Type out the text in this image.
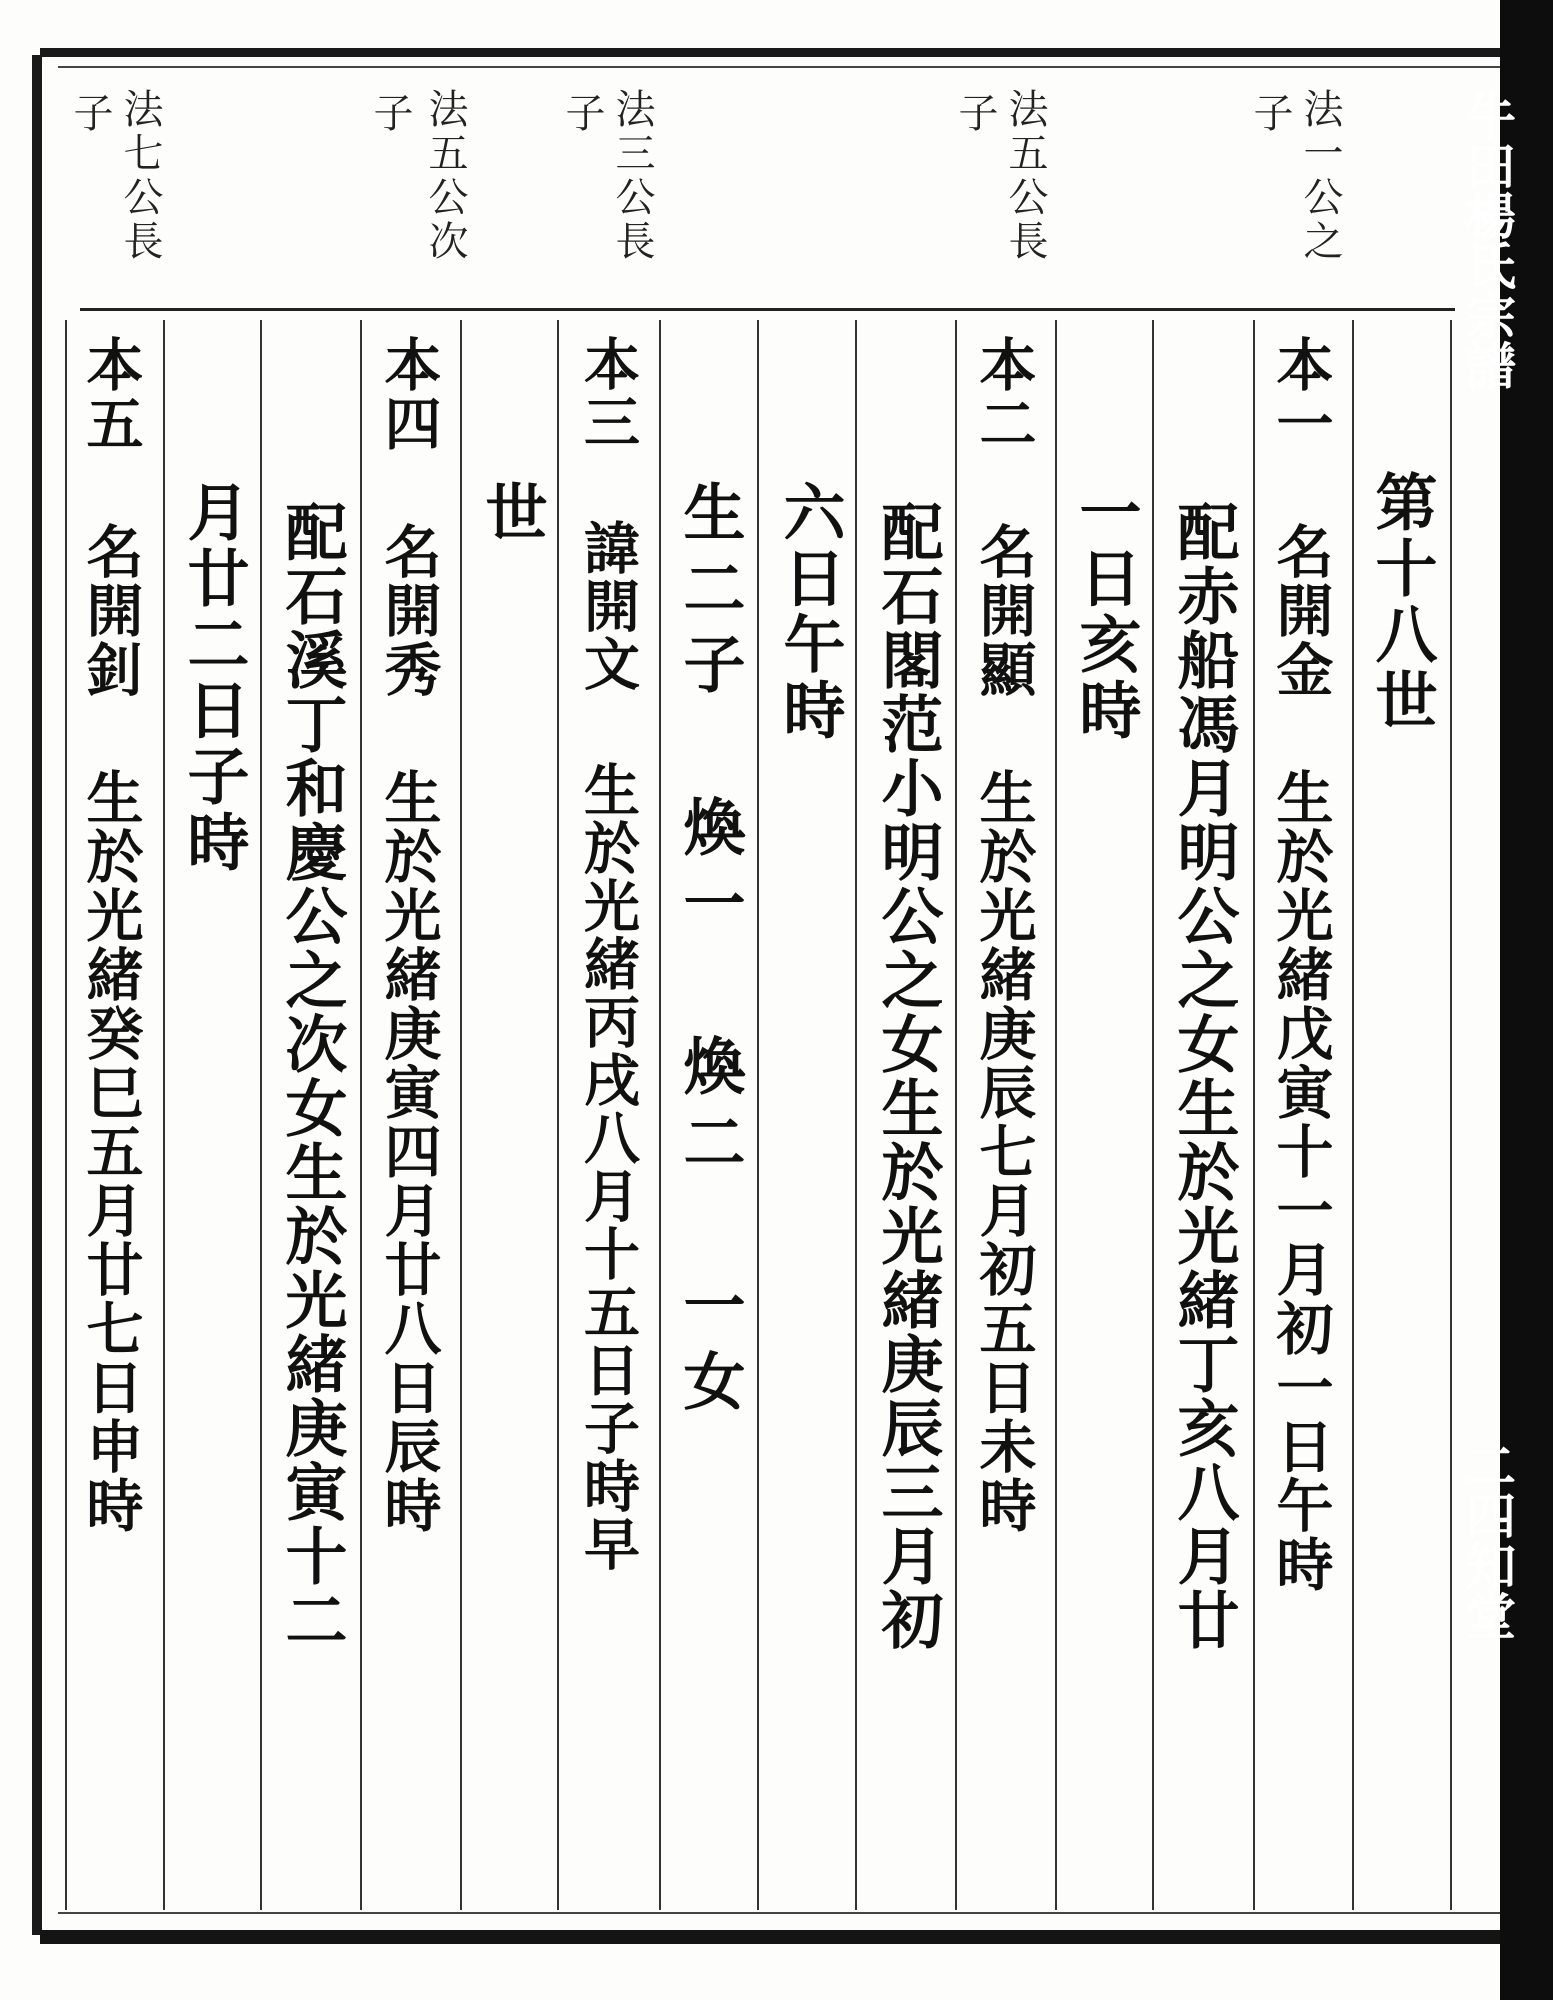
法一公之
子
法五公長
子
法三公長
子
法五公次
子
法七公長
子
第十八世
本一 名開金 生於光緒戊寅十一月初一日午時
配赤船馮月明公之女生於光緒丁亥八月廿
一日亥時
本二 名開顯 生於光緒庚辰七月初五日未時
配石閣范小明公之女生於光緒庚辰三月初
六日午時
生二子 煥一 煥二 一女
本三 諱開文 生於光緒丙戌八月十五日子時早
世
本四 名開秀 生於光緒庚寅四月廿八日辰時
配石溪丁和慶公之次女生於光緒庚寅十二
月廿二日子時
本五 名開釗 生於光緒癸巳五月廿七日申時
牛田楊氏宗譜
二四知堂
